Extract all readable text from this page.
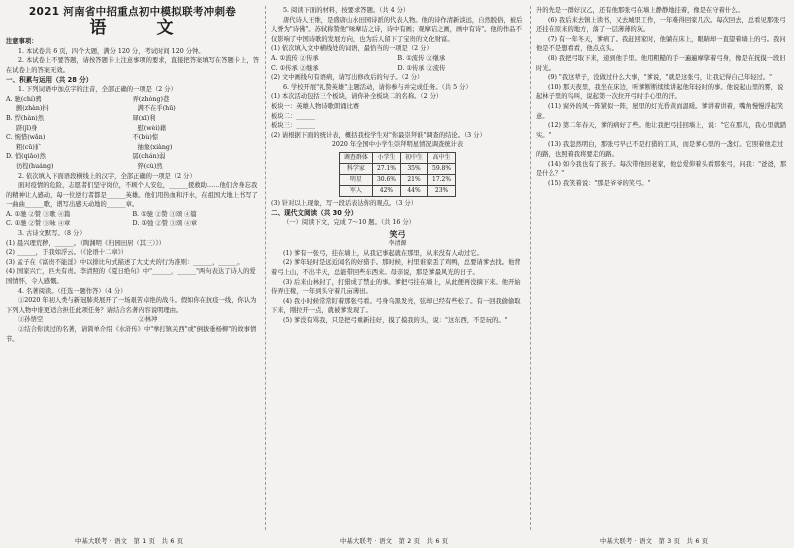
2021 河南省中招重点初中模拟联考冲刺卷
语 文

注意事项：

1. 本试卷共 6 页，四个大题，满分 120 分，考试时间 120 分钟。

2. 本试卷上不要答题，请按答题卡上注意事项的要求，直接把答案填写在答题卡上，答在试卷上的答案无效。

一、积累与运用（共 28 分）

1. 下列词语中加点字的注音，全部正确的一项是（2 分）

A. 驰(chí)骋	弄(zhòng)巷
颤(zhàn)抖	满不在乎(hū)
B. 悍(hàn)然	犀(xī)利
跻(jī)身	慰(wèi)藉
C. 惋惜(wǎn)	不(bù)惊
粗(cū)犷	抽象(xiàng)
D. 悄(qiāo)然	孱(chán)弱
彷徨(huáng)	猝(cù)然

2. 依次填入下面语段横线上的汉字，全部正确的一项是（2 分）

面对疫情的危险，志愿者们坚守岗位，不顾个人安危，______援救助……他们舍身忘我的精神让人感动，每一位逆行者都是______英雄。他们用热血和汗水，在祖国大地上书写了一曲曲______歌，谱写出感天动地的______章。

A. ①驰 ②赞 ③歌 ④篇	B. ①驰 ②赞 ③颂 ④篇
C. ①驰 ②赞 ③咏 ④章	D. ①弛 ②赞 ③颂 ④章

3. 古诗文默写。（8 分）

(1) 晨兴理荒秽，______。（陶渊明《归园田居（其三）》）

(2) ______，于我如浮云。（《论语十二章》）

(3) 孟子在《富贵不能淫》中以排比句式描述了大丈夫的行为准则：______，______。

(4) 国家兴亡，匹夫有责。李清照的《夏日绝句》中"______，______"两句表达了诗人的爱国情怀，令人感慨。

4. 名著阅读。（任选一题作答）（4 分）

①2020 年初人类与新冠肺炎展开了一场艰苦卓绝的战斗。假如你在抗疫一线，你认为下列人物中谁更适合担任此项任务？请结合名著内容说明理由。

①孙悟空	②林冲

②结合你读过的名著，请简单介绍《水浒传》中"拳打镇关西"或"倒拔垂杨柳"的故事情节。

5. 阅读下面的材料，按要求答题。（共 4 分）

唐代诗人王维，是盛唐山水田园诗派的代表人物。他的诗作清新淡远，自然脱俗，被后人誉为"诗佛"。苏轼称赞他"味摩诘之诗，诗中有画；观摩诘之画，画中有诗"。他的作品不仅影响了中国诗歌的发展方向，也为后人留下了宝贵的文化财富。

(1) 依次填入文中横线处的词语，最恰当的一项是（2 分）

A. ①流传 ②传承	B. ①流传 ②继承
C. ①传承 ②继承	D. ①传承 ②流传

(2) 文中画线句有语病，请写出修改后的句子。（2 分）

6. 学校开展"礼赞英雄"主题活动，请你参与并完成任务。（共 5 分）

(1) 本次活动包括三个板块，请你补全板块二的名称。（2 分）

板块一：英雄人物诗歌朗诵比赛

板块二：______

板块三：______

(2) 请根据下面的统计表，概括我校学生对"你最崇拜谁"调查的结论。（3 分）

2020 年全国中小学生崇拜明星情况调查统计表

调查群体	小学生	初中生	高中生
科学家	27.1%	35%	59.8%
明星	30.6%	21%	17.2%
军人	42%	44%	23%

(3) 针对以上现象，写一段话表达你的观点。（3 分）

二、现代文阅读（共 30 分）

（一）阅读下文，完成 7～10 题。（共 16 分）

笑弓
李清源

(1) 爹有一张弓，挂在墙上，从我记事起就在那里，从来没有人动过它。

(2) 爹年轻时是远近闻名的好猎手。那时候，村里谁家丢了鸡鸭，总要请爹去找。他背着弓上山，不出半天，总能带回些东西来。母亲说，那是爹最风光的日子。

(3) 后来山林封了，打猎成了禁止的事。爹把弓挂在墙上，从此便再没摘下来。他开始侍弄庄稼，一年到头守着几亩薄田。

(4) 我小时候常常盯着那张弓看。弓身乌黑发亮，弦却已经有些松了。有一回我偷偷取下来，刚拉开一点，就被爹发现了。

(5) 爹没有骂我，只是把弓重新挂好，摸了摸我的头，说："这东西，不是玩的。"

升的先是一群好汉乙，还有他那张弓在墙上静静地挂着，像是在守着什么。

(6) 我后来去镇上读书，又去城里工作，一年难得回家几次。每次回去，总看见那张弓还挂在原来的地方，落了一层薄薄的灰。

(7) 有一年冬天，爹病了。我赶回家时，他躺在床上，眼睛却一直望着墙上的弓。我问他是不是想看看，他点点头。

(8) 我把弓取下来，递到他手里。他用粗糙的手一遍遍摩挲着弓身，像是在抚摸一段旧时光。

(9) "我这辈子，没做过什么大事，"爹说，"就是这张弓，让我记得自己年轻过。"

(10) 那天夜里，我坐在床边，听爹断断续续讲起他年轻时的事。他说起山里的雾，说起林子里的鸟叫，说起第一次拉开弓时手心里的汗。

(11) 窗外的风一阵紧似一阵，屋里的灯光昏黄而温暖。爹讲着讲着，嘴角慢慢浮起笑意。

(12) 第二年春天，爹的病好了些。他让我把弓挂回墙上，说："它在那儿，我心里就踏实。"

(13) 我忽然明白，那张弓早已不是打猎的工具，而是爹心里的一盏灯。它照着他走过的路，也照着我将要走的路。

(14) 如今我也有了孩子。每次带他回老家，他总爱仰着头看那张弓，问我："爸爸，那是什么？"

(15) 我笑着说："那是爷爷的笑弓。"

中基大联考 · 语文　第 1 页　共 6 页	中基大联考 · 语文　第 2 页　共 6 页	中基大联考 · 语文　第 3 页　共 6 页
